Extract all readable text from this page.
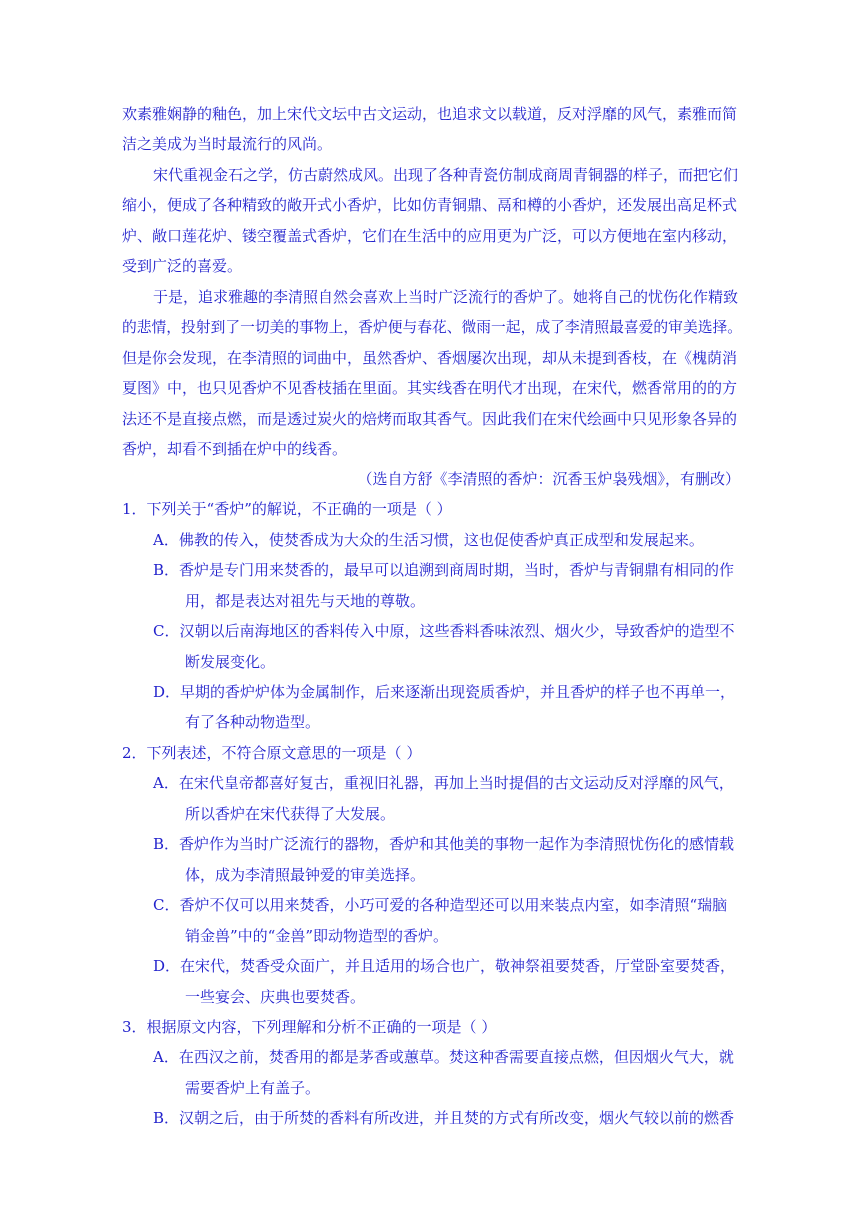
欢素雅娴静的釉色，加上宋代文坛中古文运动，也追求文以载道，反对浮靡的风气，素雅而简
洁之美成为当时最流行的风尚。
宋代重视金石之学，仿古蔚然成风。出现了各种青瓷仿制成商周青铜器的样子，而把它们
缩小，便成了各种精致的敞开式小香炉，比如仿青铜鼎、鬲和樽的小香炉，还发展出高足杯式
炉、敞口莲花炉、镂空覆盖式香炉，它们在生活中的应用更为广泛，可以方便地在室内移动，
受到广泛的喜爱。
于是，追求雅趣的李清照自然会喜欢上当时广泛流行的香炉了。她将自己的忧伤化作精致
的悲情，投射到了一切美的事物上，香炉便与春花、微雨一起，成了李清照最喜爱的审美选择。
但是你会发现，在李清照的词曲中，虽然香炉、香烟屡次出现，却从未提到香枝，在《槐荫消
夏图》中，也只见香炉不见香枝插在里面。其实线香在明代才出现，在宋代，燃香常用的的方
法还不是直接点燃，而是透过炭火的焙烤而取其香气。因此我们在宋代绘画中只见形象各异的
香炉，却看不到插在炉中的线香。
（选自方舒《李清照的香炉：沉香玉炉袅残烟》，有删改）
1．下列关于“香炉”的解说，不正确的一项是（ ）
A．佛教的传入，使焚香成为大众的生活习惯，这也促使香炉真正成型和发展起来。
B．香炉是专门用来焚香的，最早可以追溯到商周时期，当时，香炉与青铜鼎有相同的作
用，都是表达对祖先与天地的尊敬。
C．汉朝以后南海地区的香料传入中原，这些香料香味浓烈、烟火少，导致香炉的造型不
断发展变化。
D．早期的香炉炉体为金属制作，后来逐渐出现瓷质香炉，并且香炉的样子也不再单一，
有了各种动物造型。
2．下列表述，不符合原文意思的一项是（ ）
A．在宋代皇帝都喜好复古，重视旧礼器，再加上当时提倡的古文运动反对浮靡的风气，
所以香炉在宋代获得了大发展。
B．香炉作为当时广泛流行的器物，香炉和其他美的事物一起作为李清照忧伤化的感情载
体，成为李清照最钟爱的审美选择。
C．香炉不仅可以用来焚香，小巧可爱的各种造型还可以用来装点内室，如李清照“瑞脑
销金兽”中的“金兽”即动物造型的香炉。
D．在宋代，焚香受众面广，并且适用的场合也广，敬神祭祖要焚香，厅堂卧室要焚香，
一些宴会、庆典也要焚香。
3．根据原文内容，下列理解和分析不正确的一项是（ ）
A．在西汉之前，焚香用的都是茅香或蕙草。焚这种香需要直接点燃，但因烟火气大，就
需要香炉上有盖子。
B．汉朝之后，由于所焚的香料有所改进，并且焚的方式有所改变，烟火气较以前的燃香
